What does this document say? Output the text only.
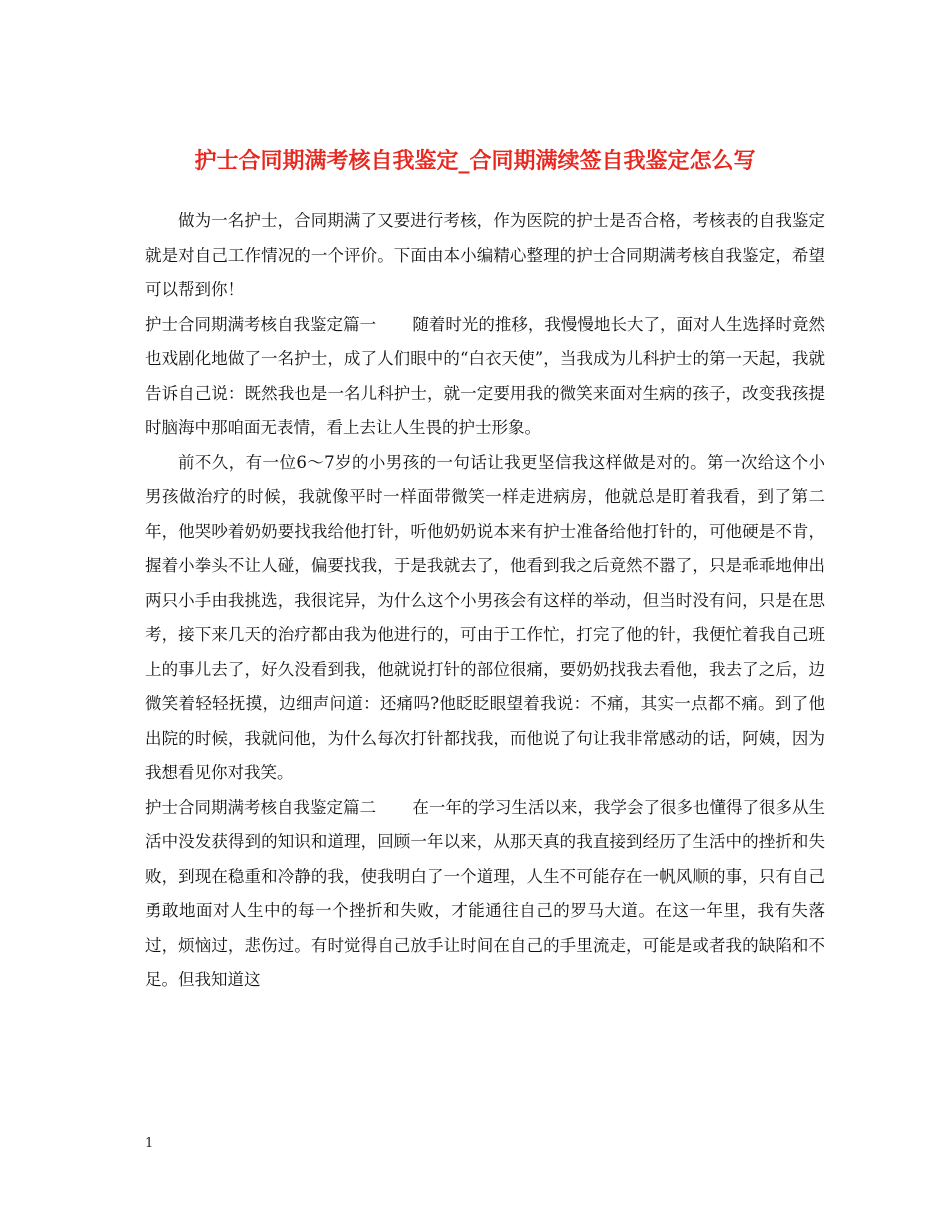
护士合同期满考核自我鉴定_合同期满续签自我鉴定怎么写

做为一名护士，合同期满了又要进行考核，作为医院的护士是否合格，考核表的自我鉴定就是对自己工作情况的一个评价。下面由本小编精心整理的护士合同期满考核自我鉴定，希望可以帮到你！

护士合同期满考核自我鉴定篇一 随着时光的推移，我慢慢地长大了，面对人生选择时竟然也戏剧化地做了一名护士，成了人们眼中的“白衣天使”，当我成为儿科护士的第一天起，我就告诉自己说：既然我也是一名儿科护士，就一定要用我的微笑来面对生病的孩子，改变我孩提时脑海中那咱面无表情，看上去让人生畏的护士形象。

前不久，有一位6～7岁的小男孩的一句话让我更坚信我这样做是对的。第一次给这个小男孩做治疗的时候，我就像平时一样面带微笑一样走进病房，他就总是盯着我看，到了第二年，他哭吵着奶奶要找我给他打针，听他奶奶说本来有护士准备给他打针的，可他硬是不肯，握着小拳头不让人碰，偏要找我，于是我就去了，他看到我之后竟然不嚣了，只是乖乖地伸出两只小手由我挑选，我很诧异，为什么这个小男孩会有这样的举动，但当时没有问，只是在思考，接下来几天的治疗都由我为他进行的，可由于工作忙，打完了他的针，我便忙着我自己班上的事儿去了，好久没看到我，他就说打针的部位很痛，要奶奶找我去看他，我去了之后，边微笑着轻轻抚摸，边细声问道：还痛吗?他眨眨眼望着我说：不痛，其实一点都不痛。到了他出院的时候，我就问他，为什么每次打针都找我，而他说了句让我非常感动的话，阿姨，因为我想看见你对我笑。

护士合同期满考核自我鉴定篇二 在一年的学习生活以来，我学会了很多也懂得了很多从生活中没发获得到的知识和道理，回顾一年以来，从那天真的我直接到经历了生活中的挫折和失败，到现在稳重和冷静的我，使我明白了一个道理，人生不可能存在一帆风顺的事，只有自己勇敢地面对人生中的每一个挫折和失败，才能通往自己的罗马大道。在这一年里，我有失落过，烦恼过，悲伤过。有时觉得自己放手让时间在自己的手里流走，可能是或者我的缺陷和不足。但我知道这

1
